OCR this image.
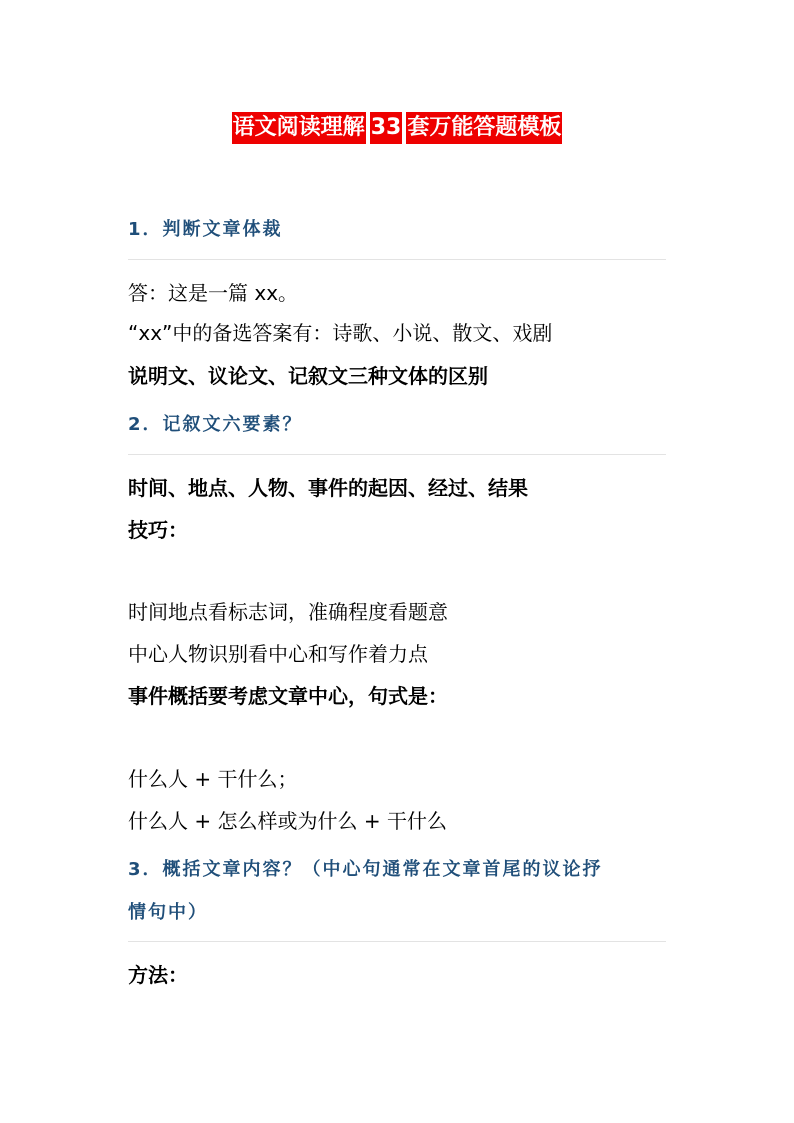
语文阅读理解 33 套万能答题模板
1．判断文章体裁
答：这是一篇 xx。
“xx”中的备选答案有：诗歌、小说、散文、戏剧
说明文、议论文、记叙文三种文体的区别
2．记叙文六要素？
时间、地点、人物、事件的起因、经过、结果
技巧：
时间地点看标志词，准确程度看题意
中心人物识别看中心和写作着力点
事件概括要考虑文章中心，句式是：
什么人 + 干什么；
什么人 + 怎么样或为什么 + 干什么
3．概括文章内容？（中心句通常在文章首尾的议论抒
情句中）
方法：
